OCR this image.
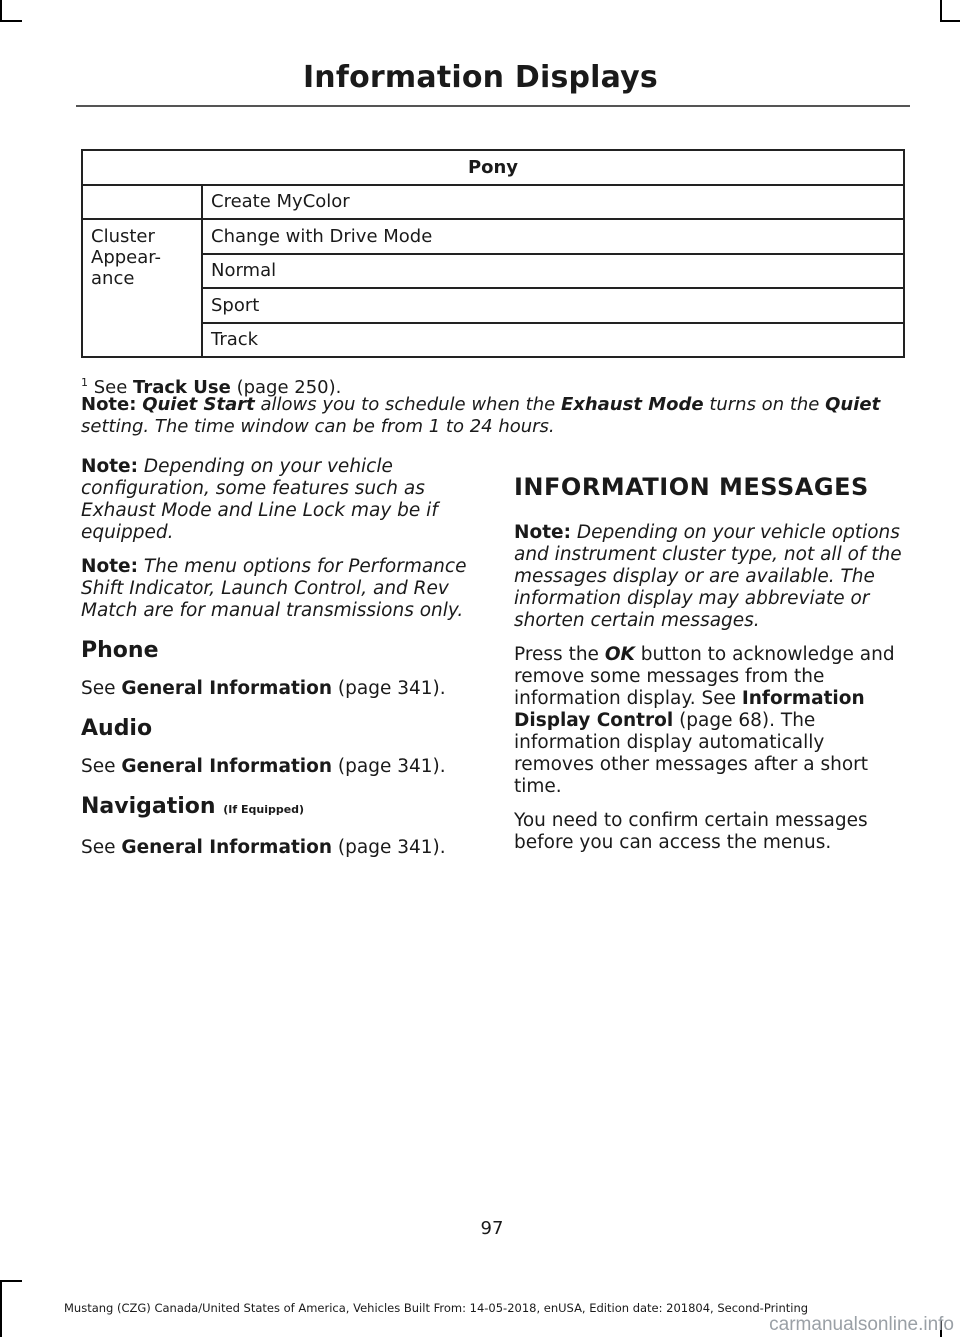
Information Displays
Pony	
	Create MyColor

Cluster
Appear-
ance	Change with Drive Mode
	Normal
	Sport
	Track
$^1$ See Track Use (page 250).
Note: Quiet Start allows you to schedule when the Exhaust Mode turns on the Quiet setting. The time window can be from 1 to 24 hours.

Note: Depending on your vehicle configuration, some features such as Exhaust Mode and Line Lock may be if equipped.

Note: The menu options for Performance Shift Indicator, Launch Control, and Rev Match are for manual transmissions only.

Phone

See General Information (page 341).

Audio

See General Information (page 341).

Navigation (If Equipped)

See General Information (page 341).

INFORMATION MESSAGES

Note: Depending on your vehicle options and instrument cluster type, not all of the messages display or are available. The information display may abbreviate or shorten certain messages.

Press the OK button to acknowledge and remove some messages from the information display. See Information Display Control (page 68). The information display automatically removes other messages after a short time.

You need to confirm certain messages before you can access the menus.

97
Mustang (CZG) Canada/United States of America, Vehicles Built From: 14-05-2018, enUSA, Edition date: 201804, Second-Printing
carmanualsonline.info
